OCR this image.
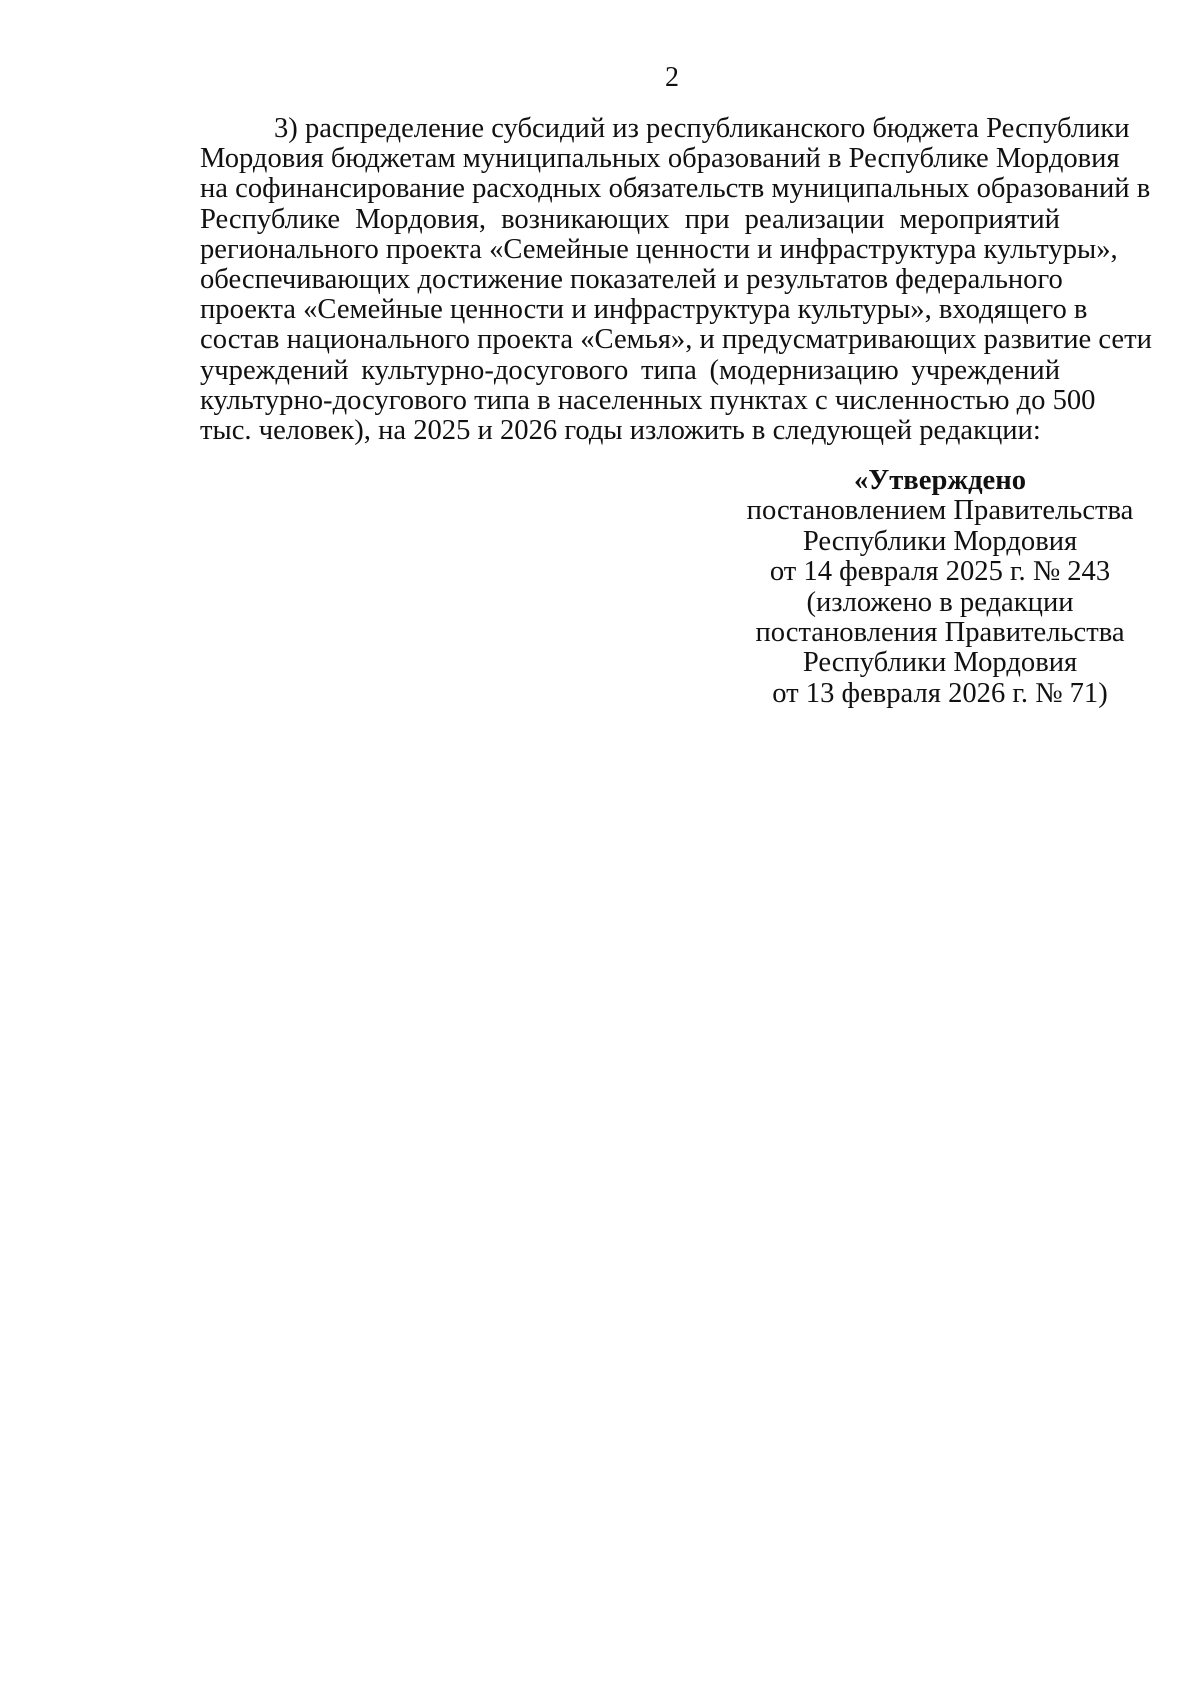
2
3) распределение субсидий из республиканского бюджета Республики
Мордовия бюджетам муниципальных образований в Республике Мордовия
на софинансирование расходных обязательств муниципальных образований в
Республике Мордовия, возникающих при реализации мероприятий
регионального проекта «Семейные ценности и инфраструктура культуры»,
обеспечивающих достижение показателей и результатов федерального
проекта «Семейные ценности и инфраструктура культуры», входящего в
состав национального проекта «Семья», и предусматривающих развитие сети
учреждений культурно-досугового типа (модернизацию учреждений
культурно-досугового типа в населенных пунктах с численностью до 500
тыс. человек), на 2025 и 2026 годы изложить в следующей редакции:
«Утверждено
постановлением Правительства
Республики Мордовия
от 14 февраля 2025 г. № 243
(изложено в редакции
постановления Правительства
Республики Мордовия
от 13 февраля 2026 г. № 71)
